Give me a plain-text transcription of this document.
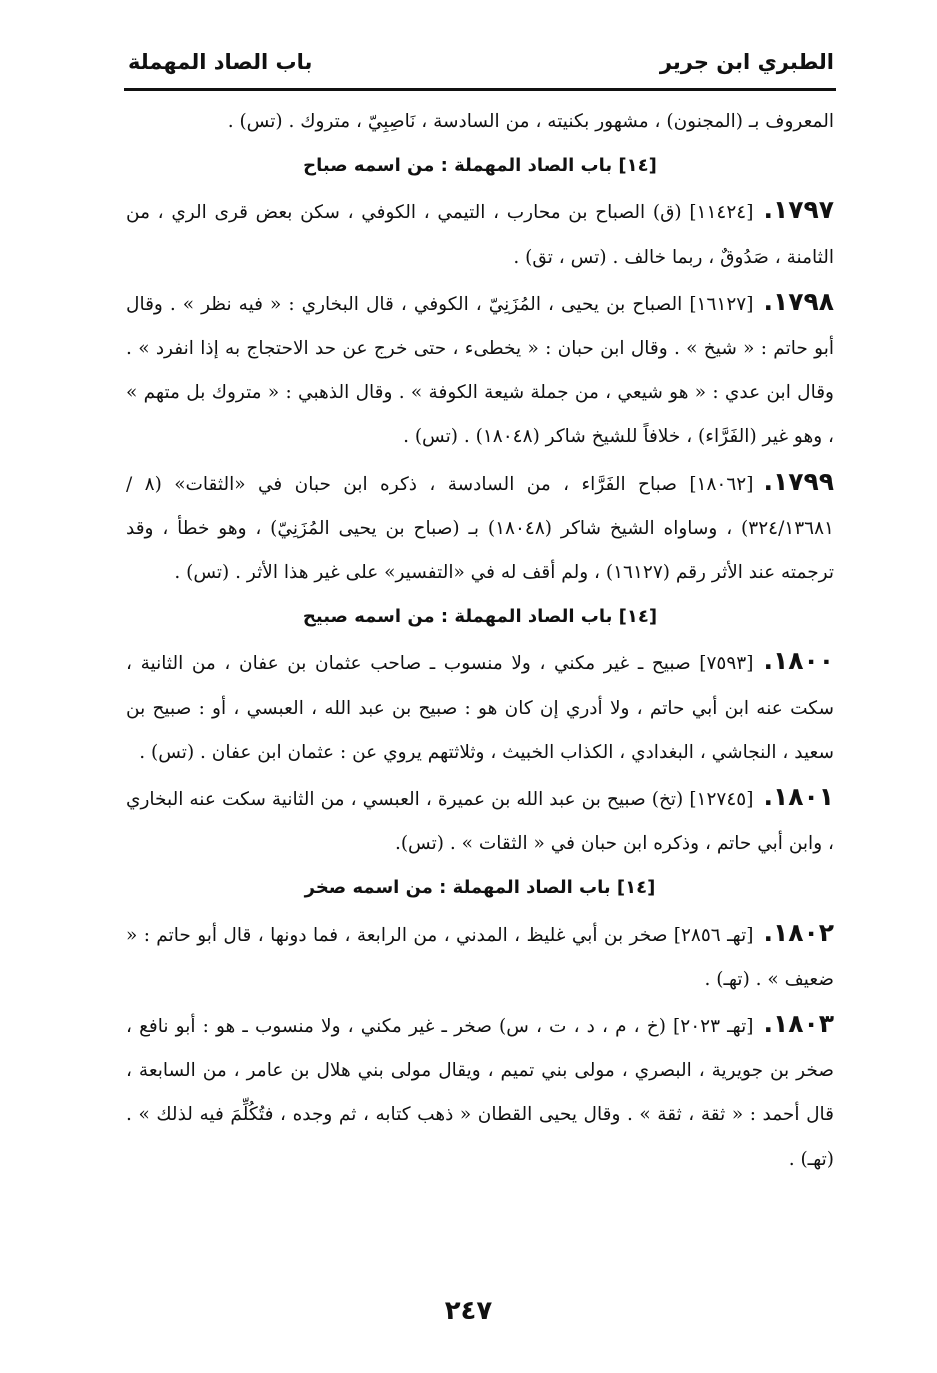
الطبري ابن جرير
باب الصاد المهملة

المعروف بـ (المجنون) ، مشهور بكنيته ، من السادسة ، نَاصِبِيّ ، متروك . (تس) .

[١٤] باب الصاد المهملة : من اسمه صباح

١٧٩٧.[١١٤٢٤] (ق) الصباح بن محارب ، التيمي ، الكوفي ، سكن بعض قرى الري ، من الثامنة ، صَدُوقٌ ، ربما خالف . (تس ، تق) .

١٧٩٨.[١٦١٢٧] الصباح بن يحيى ، المُزَنِيّ ، الكوفي ، قال البخاري : « فيه نظر » . وقال أبو حاتم : « شيخ » . وقال ابن حبان : « يخطىء ، حتى خرج عن حد الاحتجاج به إذا انفرد » . وقال ابن عدي : « هو شيعي ، من جملة شيعة الكوفة » . وقال الذهبي : « متروك بل متهم » ، وهو غير (الفَرَّاء) ، خلافاً للشيخ شاكر (١٨٠٤٨) . (تس) .

١٧٩٩.[١٨٠٦٢] صباح الفَرَّاء ، من السادسة ، ذكره ابن حبان في «الثقات» (٨ /٣٢٤/١٣٦٨١) ، وساواه الشيخ شاكر (١٨٠٤٨) بـ (صباح بن يحيى المُزَنِيّ) ، وهو خطأ ، وقد ترجمته عند الأثر رقم (١٦١٢٧) ، ولم أقف له في «التفسير» على غير هذا الأثر . (تس) .

[١٤] باب الصاد المهملة : من اسمه صبيح

١٨٠٠.[٧٥٩٣] صبيح ـ غير مكني ، ولا منسوب ـ صاحب عثمان بن عفان ، من الثانية ، سكت عنه ابن أبي حاتم ، ولا أدري إن كان هو : صبيح بن عبد الله ، العبسي ، أو : صبيح بن سعيد ، النجاشي ، البغدادي ، الكذاب الخبيث ، وثلاثتهم يروي عن : عثمان ابن عفان . (تس) .

١٨٠١.[١٢٧٤٥] (تخ) صبيح بن عبد الله بن عميرة ، العبسي ، من الثانية سكت عنه البخاري ، وابن أبي حاتم ، وذكره ابن حبان في « الثقات » . (تس).

[١٤] باب الصاد المهملة : من اسمه صخر

١٨٠٢.[تهـ ٢٨٥٦] صخر بن أبي غليظ ، المدني ، من الرابعة ، فما دونها ، قال أبو حاتم : « ضعيف » . (تهـ) .

١٨٠٣.[تهـ ٢٠٢٣] (خ ، م ، د ، ت ، س) صخر ـ غير مكني ، ولا منسوب ـ هو : أبو نافع ، صخر بن جويرية ، البصري ، مولى بني تميم ، ويقال مولى بني هلال بن عامر ، من السابعة ، قال أحمد : « ثقة ، ثقة » . وقال يحيى القطان « ذهب كتابه ، ثم وجده ، فتُكُلِّمَ فيه لذلك » . (تهـ) .

٢٤٧
